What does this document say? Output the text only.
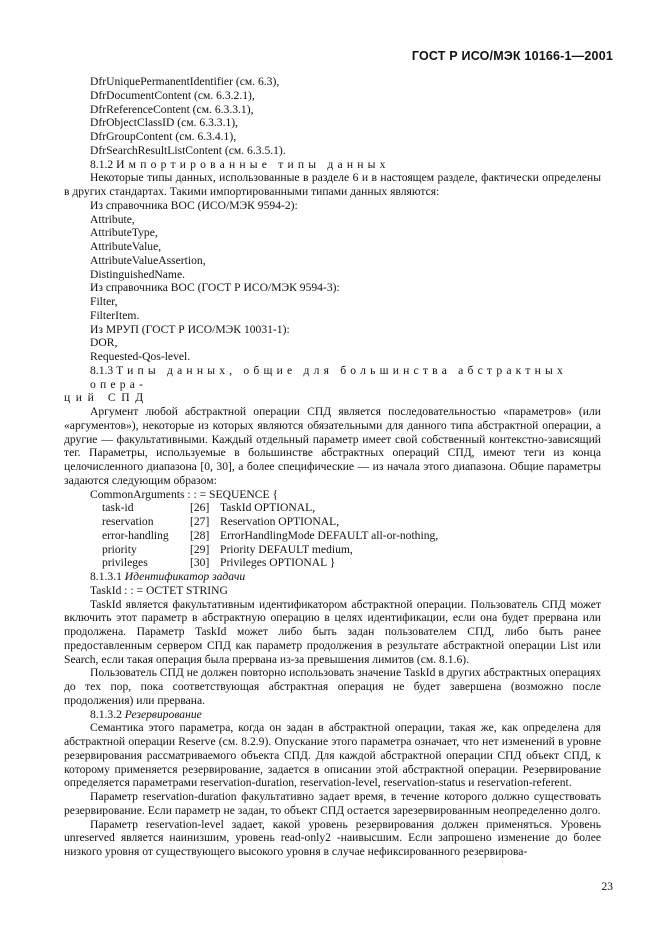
ГОСТ Р ИСО/МЭК 10166-1—2001
DfrUniquePermanentIdentifier (см. 6.3),
DfrDocumentContent (см. 6.3.2.1),
DfrReferenceContent (см. 6.3.3.1),
DfrObjectClassID (см. 6.3.3.1),
DfrGroupContent (см. 6.3.4.1),
DfrSearchResultListContent (см. 6.3.5.1).
8.1.2 Импортированные типы данных

Некоторые типы данных, использованные в разделе 6 и в настоящем разделе, фактически определены в других стандартах. Такими импортированными типами данных являются:

Из справочника ВОС (ИСО/МЭК 9594-2):
Attribute,
AttributeType,
AttributeValue,
AttributeValueAssertion,
DistinguishedName.
Из справочника ВОС (ГОСТ Р ИСО/МЭК 9594-3):
Filter,
FilterItem.
Из МРУП (ГОСТ Р ИСО/МЭК 10031-1):
DOR,
Requested-Qos-level.
8.1.3 Типы данных, общие для большинства абстрактных опера-
ций СПД

Аргумент любой абстрактной операции СПД является последовательностью «параметров» (или «аргументов»), некоторые из которых являются обязательными для данного типа абстрактной операции, а другие — факультативными. Каждый отдельный параметр имеет свой собственный контекстно-зависящий тег. Параметры, используемые в большинстве абстрактных операций СПД, имеют теги из конца целочисленного диапазона [0, 30], а более специфические — из начала этого диапазона. Общие параметры задаются следующим образом:

CommonArguments : : = SEQUENCE {
task-id	[26] TaskId OPTIONAL,
reservation	[27] Reservation OPTIONAL,
error-handling	[28] ErrorHandlingMode DEFAULT all-or-nothing,
priority	[29] Priority DEFAULT medium,
privileges	[30] Privileges OPTIONAL }
8.1.3.1 Идентификатор задачи
TaskId : : = OCTET STRING

TaskId является факультативным идентификатором абстрактной операции. Пользователь СПД может включить этот параметр в абстрактную операцию в целях идентификации, если она будет прервана или продолжена. Параметр TaskId может либо быть задан пользователем СПД, либо быть ранее предоставленным сервером СПД как параметр продолжения в результате абстрактной операции List или Search, если такая операция была прервана из-за превышения лимитов (см. 8.1.6).

Пользователь СПД не должен повторно использовать значение TaskId в других абстрактных операциях до тех пор, пока соответствующая абстрактная операция не будет завершена (возможно после продолжения) или прервана.

8.1.3.2 Резервирование

Семантика этого параметра, когда он задан в абстрактной операции, такая же, как определена для абстрактной операции Reserve (см. 8.2.9). Опускание этого параметра означает, что нет изменений в уровне резервирования рассматриваемого объекта СПД. Для каждой абстрактной операции СПД объект СПД, к которому применяется резервирование, задается в описании этой абстрактной операции. Резервирование определяется параметрами reservation-duration, reservation-level, reservation-status и reservation-referent.

Параметр reservation-duration факультативно задает время, в течение которого должно существовать резервирование. Если параметр не задан, то объект СПД остается зарезервированным неопределенно долго.

Параметр reservation-level задает, какой уровень резервирования должен применяться. Уровень unreserved является наинизшим, уровень read-only2 -наивысшим. Если запрошено изменение до более низкого уровня от существующего высокого уровня в случае нефиксированного резервирова-

23
